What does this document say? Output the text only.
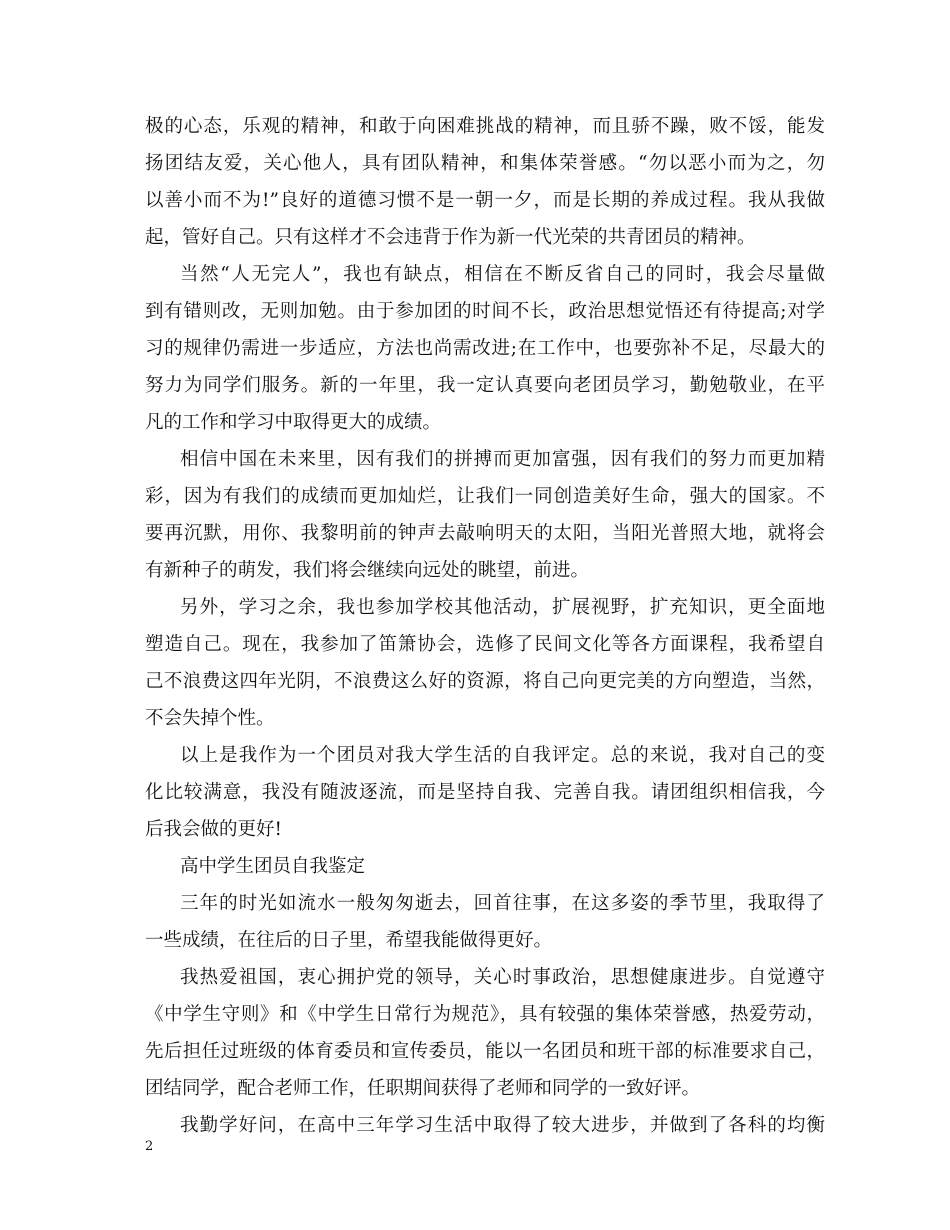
极的心态，乐观的精神，和敢于向困难挑战的精神，而且骄不躁，败不馁，能发
扬团结友爱，关心他人，具有团队精神，和集体荣誉感。“勿以恶小而为之，勿
以善小而不为!”良好的道德习惯不是一朝一夕，而是长期的养成过程。我从我做
起，管好自己。只有这样才不会违背于作为新一代光荣的共青团员的精神。
当然“人无完人”，我也有缺点，相信在不断反省自己的同时，我会尽量做
到有错则改，无则加勉。由于参加团的时间不长，政治思想觉悟还有待提高;对学
习的规律仍需进一步适应，方法也尚需改进;在工作中，也要弥补不足，尽最大的
努力为同学们服务。新的一年里，我一定认真要向老团员学习，勤勉敬业，在平
凡的工作和学习中取得更大的成绩。
相信中国在未来里，因有我们的拼搏而更加富强，因有我们的努力而更加精
彩，因为有我们的成绩而更加灿烂，让我们一同创造美好生命，强大的国家。不
要再沉默，用你、我黎明前的钟声去敲响明天的太阳，当阳光普照大地，就将会
有新种子的萌发，我们将会继续向远处的眺望，前进。
另外，学习之余，我也参加学校其他活动，扩展视野，扩充知识，更全面地
塑造自己。现在，我参加了笛箫协会，选修了民间文化等各方面课程，我希望自
己不浪费这四年光阴，不浪费这么好的资源，将自己向更完美的方向塑造，当然，
不会失掉个性。
以上是我作为一个团员对我大学生活的自我评定。总的来说，我对自己的变
化比较满意，我没有随波逐流，而是坚持自我、完善自我。请团组织相信我，今
后我会做的更好!
高中学生团员自我鉴定
三年的时光如流水一般匆匆逝去，回首往事，在这多姿的季节里，我取得了
一些成绩，在往后的日子里，希望我能做得更好。
我热爱祖国，衷心拥护党的领导，关心时事政治，思想健康进步。自觉遵守
《中学生守则》和《中学生日常行为规范》，具有较强的集体荣誉感，热爱劳动，
先后担任过班级的体育委员和宣传委员，能以一名团员和班干部的标准要求自己，
团结同学，配合老师工作，任职期间获得了老师和同学的一致好评。
我勤学好问，在高中三年学习生活中取得了较大进步，并做到了各科的均衡
2
